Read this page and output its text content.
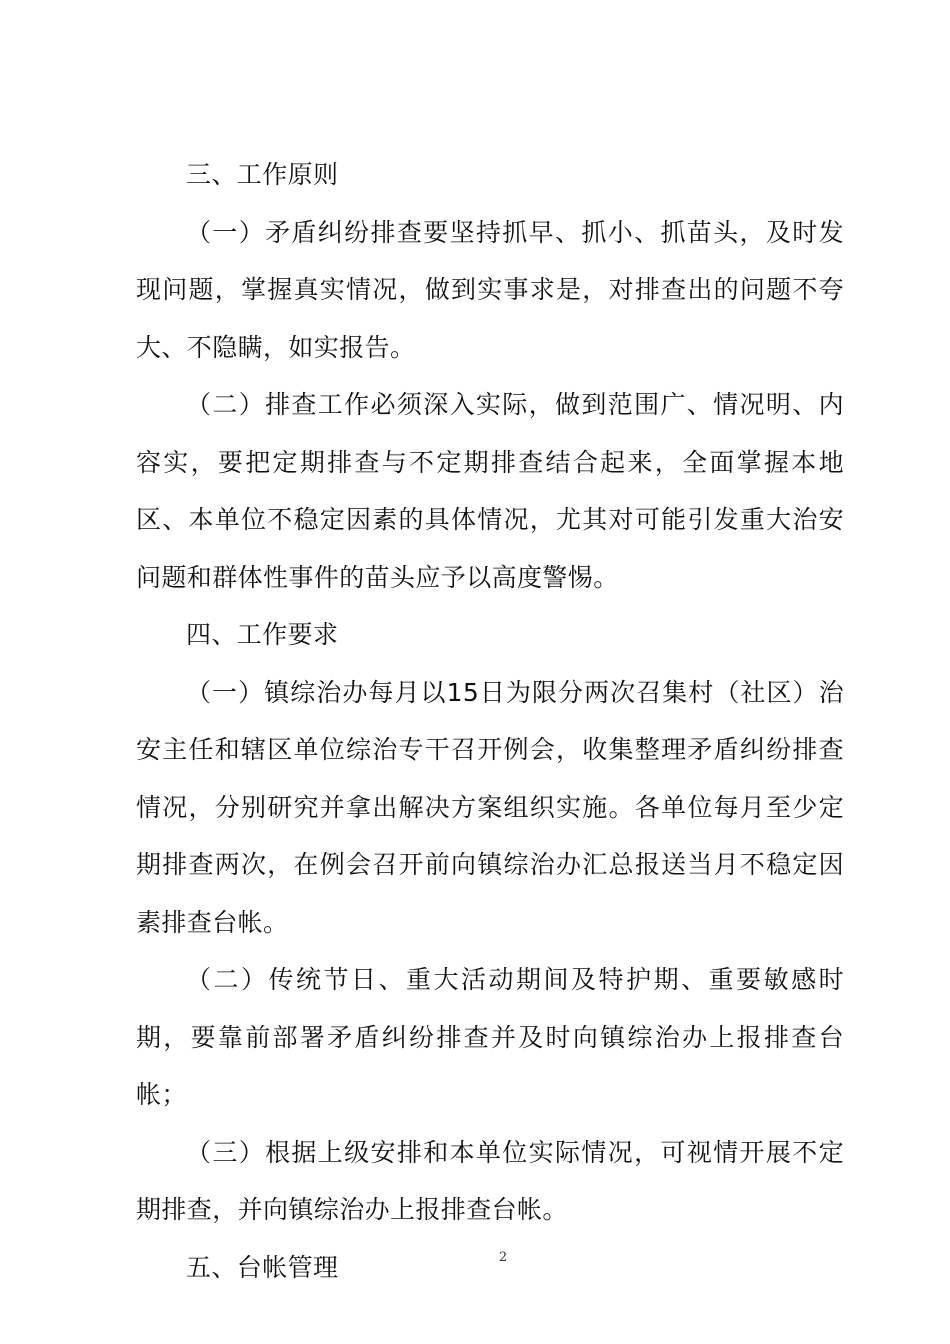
三、工作原则

（一）矛盾纠纷排查要坚持抓早、抓小、抓苗头，及时发现问题，掌握真实情况，做到实事求是，对排查出的问题不夸大、不隐瞒，如实报告。

（二）排查工作必须深入实际，做到范围广、情况明、内容实，要把定期排查与不定期排查结合起来，全面掌握本地区、本单位不稳定因素的具体情况，尤其对可能引发重大治安问题和群体性事件的苗头应予以高度警惕。

四、工作要求

（一）镇综治办每月以15日为限分两次召集村（社区）治安主任和辖区单位综治专干召开例会，收集整理矛盾纠纷排查情况，分别研究并拿出解决方案组织实施。各单位每月至少定期排查两次，在例会召开前向镇综治办汇总报送当月不稳定因素排查台帐。

（二）传统节日、重大活动期间及特护期、重要敏感时期，要靠前部署矛盾纠纷排查并及时向镇综治办上报排查台帐；

（三）根据上级安排和本单位实际情况，可视情开展不定期排查，并向镇综治办上报排查台帐。

五、台帐管理	2
